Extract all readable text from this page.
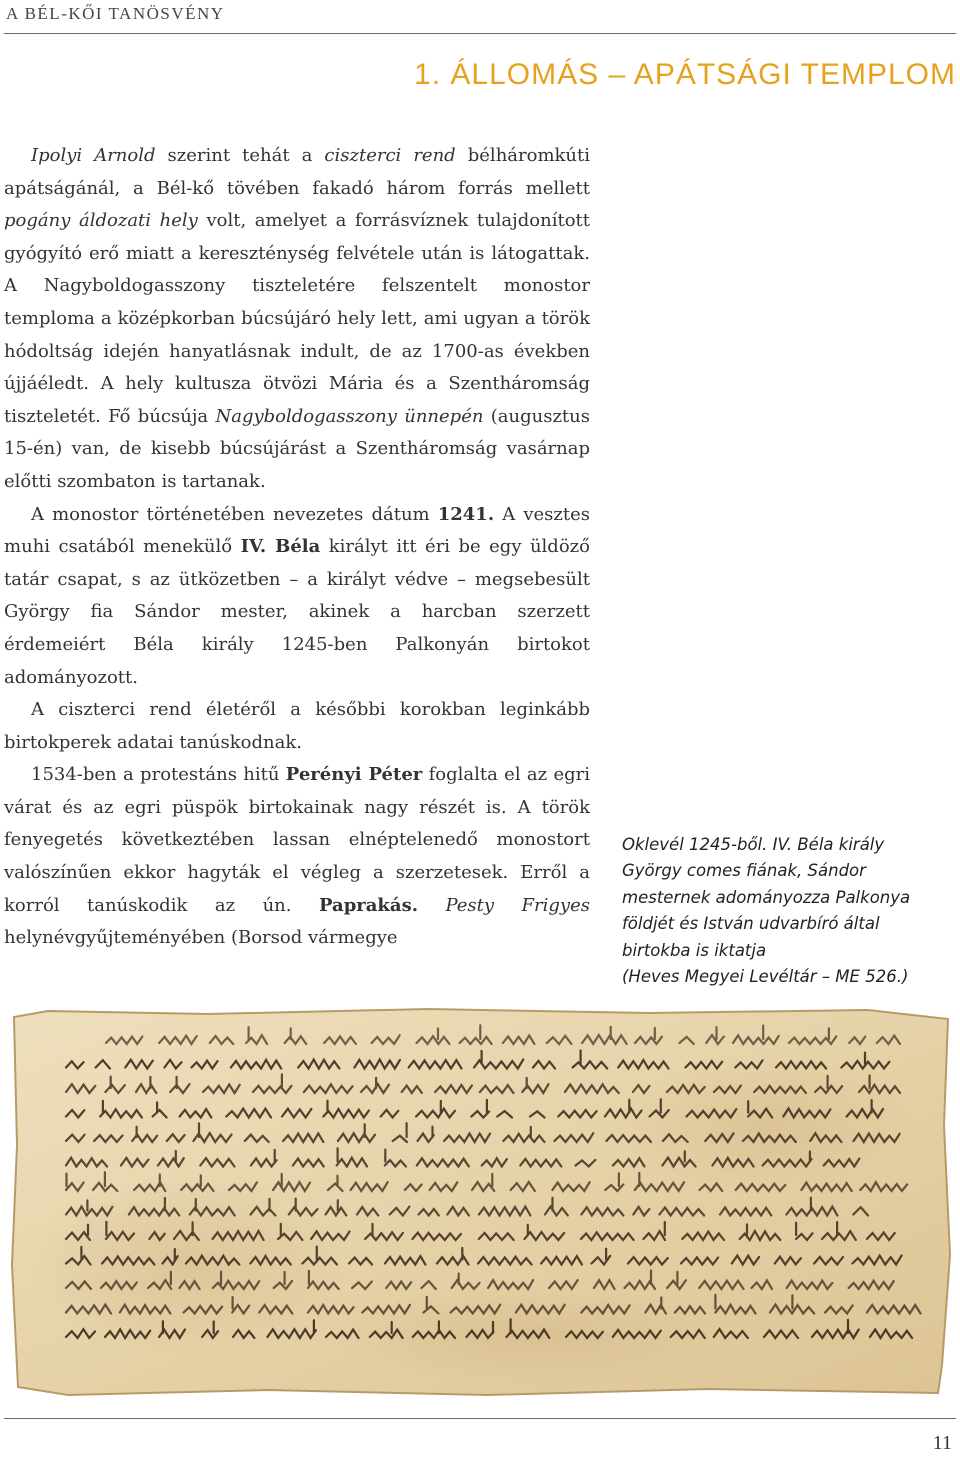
A BÉL-KŐI TANÖSVÉNY
1. ÁLLOMÁS – APÁTSÁGI TEMPLOM

Ipolyi Arnold szerint tehát a ciszterci rend bélháromkúti apátságánál, a Bél-kő tövében fakadó három forrás mellett pogány áldozati hely volt, amelyet a forrásvíznek tulajdonított gyógyító erő miatt a kereszténység felvétele után is látogattak. A Nagyboldogasszony tiszteletére felszentelt monostor temploma a középkorban búcsújáró hely lett, ami ugyan a török hódoltság idején hanyatlásnak indult, de az 1700-as években újjáéledt. A hely kultusza ötvözi Mária és a Szentháromság tiszteletét. Fő búcsúja Nagyboldogasszony ünnepén (augusztus 15-én) van, de kisebb búcsújárást a Szentháromság vasárnap előtti szombaton is tartanak.

A monostor történetében nevezetes dátum 1241. A vesztes muhi csatából menekülő IV. Béla királyt itt éri be egy üldöző tatár csapat, s az ütközetben – a királyt védve – megsebesült György fia Sándor mester, akinek a harcban szerzett érdemeiért Béla király 1245-ben Palkonyán birtokot adományozott.

A ciszterci rend életéről a későbbi korokban leginkább birtokperek adatai tanúskodnak.

1534-ben a protestáns hitű Perényi Péter foglalta el az egri várat és az egri püspök birtokainak nagy részét is. A török fenyegetés következtében lassan elnéptelenedő monostort valószínűen ekkor hagyták el végleg a szerzetesek. Erről a korról tanúskodik az ún. Paprakás. Pesty Frigyes helynévgyűjteményében (Borsod vármegye

Oklevél 1245-ből. IV. Béla király
György comes fiának, Sándor
mesternek adományozza Palkonya
földjét és István udvarbíró által
birtokba is iktatja
(Heves Megyei Levéltár – ME 526.)
11
